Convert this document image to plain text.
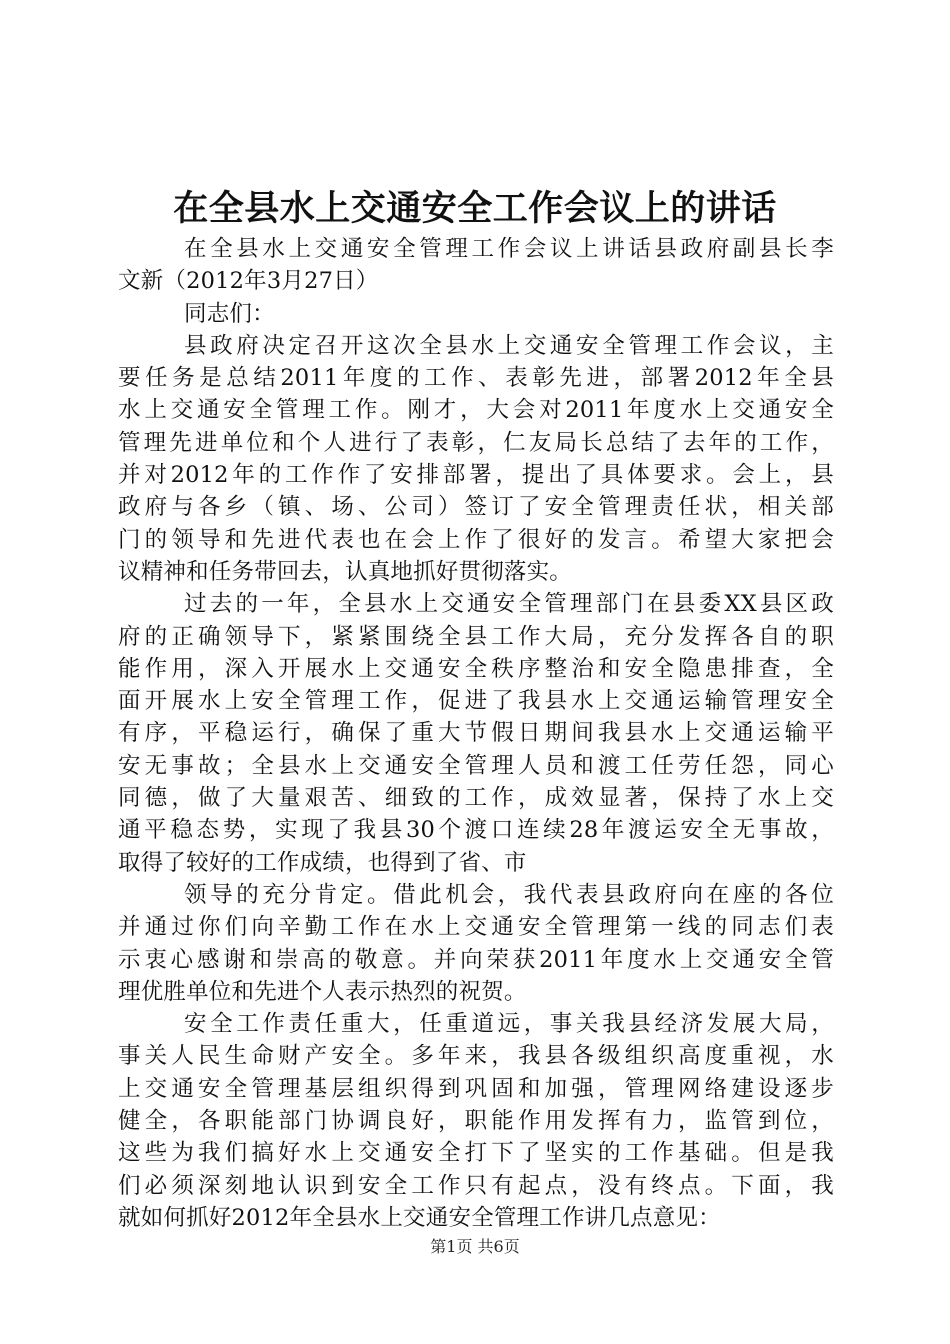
在全县水上交通安全工作会议上的讲话
在全县水上交通安全管理工作会议上讲话县政府副县长李
文新（2012年3月27日）
同志们：
县政府决定召开这次全县水上交通安全管理工作会议，主
要任务是总结2011年度的工作、表彰先进，部署2012年全县
水上交通安全管理工作。刚才，大会对2011年度水上交通安全
管理先进单位和个人进行了表彰，仁友局长总结了去年的工作，
并对2012年的工作作了安排部署，提出了具体要求。会上，县
政府与各乡（镇、场、公司）签订了安全管理责任状，相关部
门的领导和先进代表也在会上作了很好的发言。希望大家把会
议精神和任务带回去，认真地抓好贯彻落实。
过去的一年，全县水上交通安全管理部门在县委XX县区政
府的正确领导下，紧紧围绕全县工作大局，充分发挥各自的职
能作用，深入开展水上交通安全秩序整治和安全隐患排查，全
面开展水上安全管理工作，促进了我县水上交通运输管理安全
有序，平稳运行，确保了重大节假日期间我县水上交通运输平
安无事故；全县水上交通安全管理人员和渡工任劳任怨，同心
同德，做了大量艰苦、细致的工作，成效显著，保持了水上交
通平稳态势，实现了我县30个渡口连续28年渡运安全无事故，
取得了较好的工作成绩，也得到了省、市
领导的充分肯定。借此机会，我代表县政府向在座的各位
并通过你们向辛勤工作在水上交通安全管理第一线的同志们表
示衷心感谢和崇高的敬意。并向荣获2011年度水上交通安全管
理优胜单位和先进个人表示热烈的祝贺。
安全工作责任重大，任重道远，事关我县经济发展大局，
事关人民生命财产安全。多年来，我县各级组织高度重视，水
上交通安全管理基层组织得到巩固和加强，管理网络建设逐步
健全，各职能部门协调良好，职能作用发挥有力，监管到位，
这些为我们搞好水上交通安全打下了坚实的工作基础。但是我
们必须深刻地认识到安全工作只有起点，没有终点。下面，我
就如何抓好2012年全县水上交通安全管理工作讲几点意见：
第1页 共6页
